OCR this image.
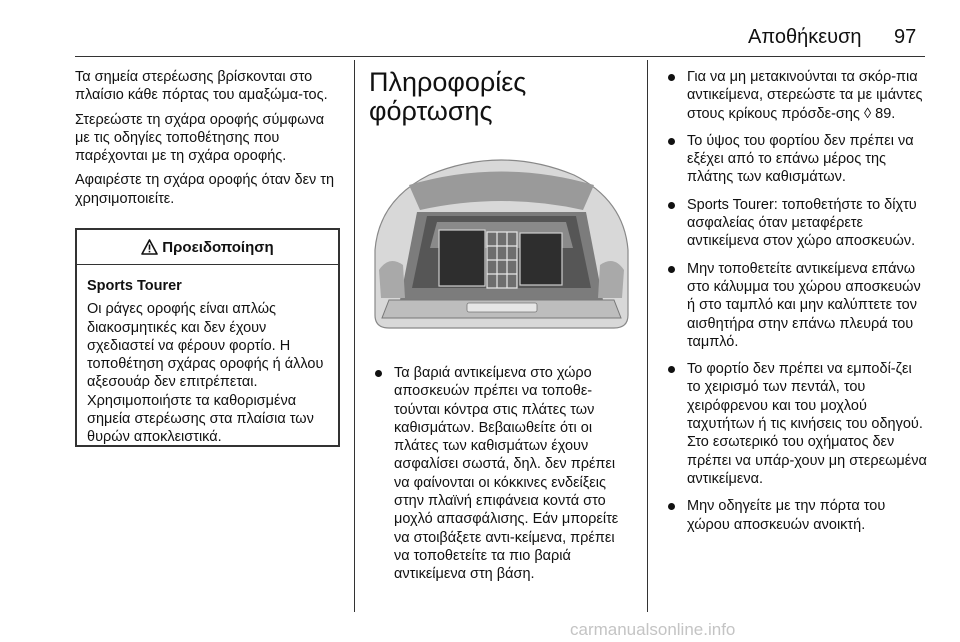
Αποθήκευση 97

Τα σημεία στερέωσης βρίσκονται στο πλαίσιο κάθε πόρτας του αμαξώμα-τος.

Στερεώστε τη σχάρα οροφής σύμφωνα με τις οδηγίες τοποθέτησης που παρέχονται με τη σχάρα οροφής.

Αφαιρέστε τη σχάρα οροφής όταν δεν τη χρησιμοποιείτε.

Προειδοποίηση

Sports Tourer

Οι ράγες οροφής είναι απλώς διακοσμητικές και δεν έχουν σχεδιαστεί να φέρουν φορτίο. Η τοποθέτηση σχάρας οροφής ή άλλου αξεσουάρ δεν επιτρέπεται. Χρησιμοποιήστε τα καθορισμένα σημεία στερέωσης στα πλαίσια των θυρών αποκλειστικά.

Πληροφορίες
φόρτωσης
Τα βαριά αντικείμενα στο χώρο αποσκευών πρέπει να τοποθε-τούνται κόντρα στις πλάτες των καθισμάτων. Βεβαιωθείτε ότι οι πλάτες των καθισμάτων έχουν ασφαλίσει σωστά, δηλ. δεν πρέπει να φαίνονται οι κόκκινες ενδείξεις στην πλαϊνή επιφάνεια κοντά στο μοχλό απασφάλισης. Εάν μπορείτε να στοιβάξετε αντι-κείμενα, πρέπει να τοποθετείτε τα πιο βαριά αντικείμενα στη βάση.
Για να μη μετακινούνται τα σκόρ-πια αντικείμενα, στερεώστε τα με ιμάντες στους κρίκους πρόσδε-σης ◊ 89.
Το ύψος του φορτίου δεν πρέπει να εξέχει από το επάνω μέρος της πλάτης των καθισμάτων.
Sports Tourer: τοποθετήστε το δίχτυ ασφαλείας όταν μεταφέρετε αντικείμενα στον χώρο αποσκευών.
Μην τοποθετείτε αντικείμενα επάνω στο κάλυμμα του χώρου αποσκευών ή στο ταμπλό και μην καλύπτετε τον αισθητήρα στην επάνω πλευρά του ταμπλό.
Το φορτίο δεν πρέπει να εμποδί-ζει το χειρισμό των πεντάλ, του χειρόφρενου και του μοχλού ταχυτήτων ή τις κινήσεις του οδηγού. Στο εσωτερικό του οχήματος δεν πρέπει να υπάρ-χουν μη στερεωμένα αντικείμενα.
Μην οδηγείτε με την πόρτα του χώρου αποσκευών ανοικτή.
carmanualsonline.info
